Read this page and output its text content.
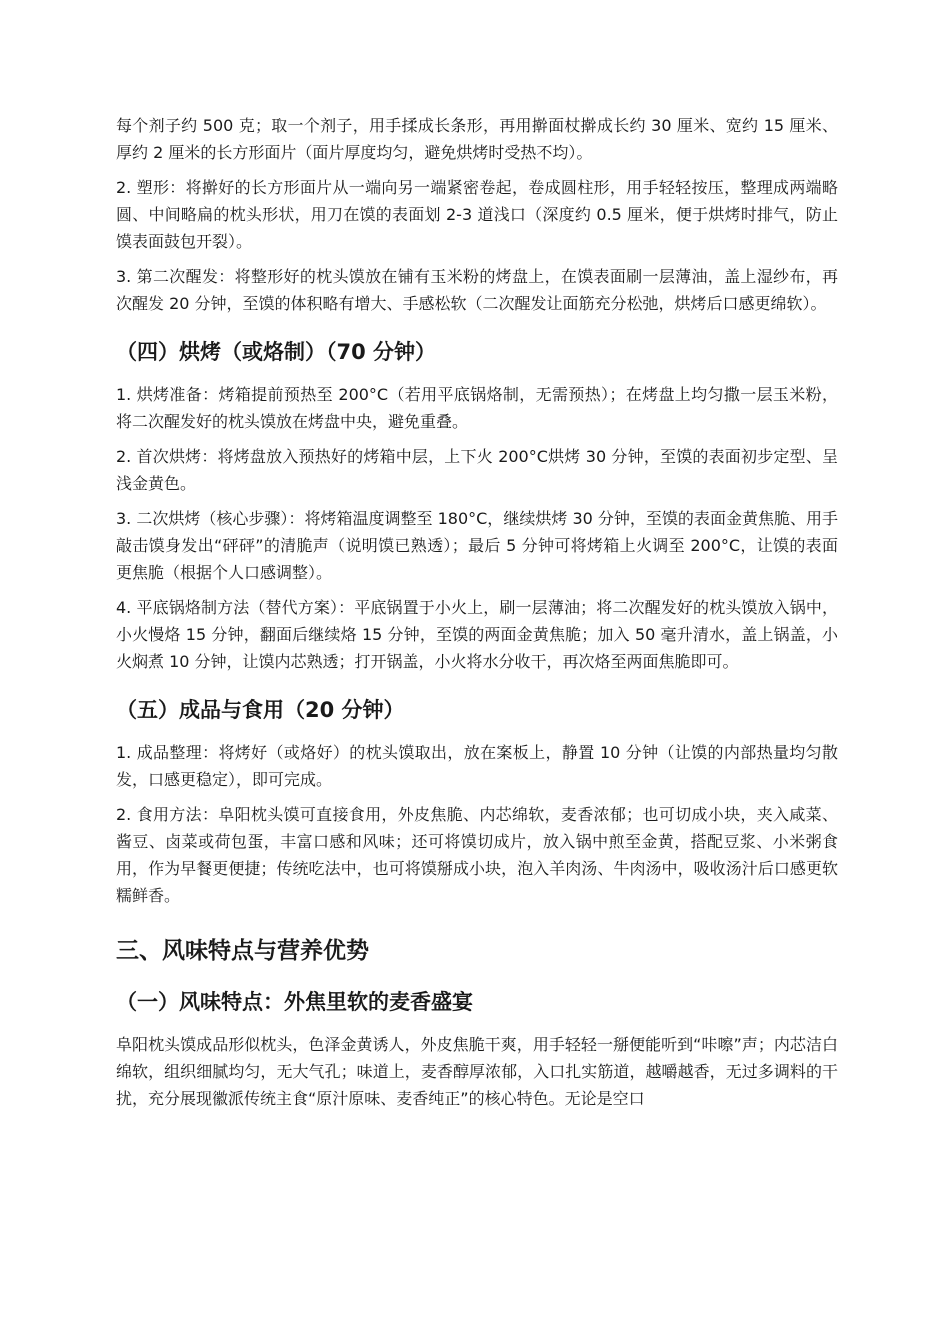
每个剂子约 500 克；取一个剂子，用手揉成长条形，再用擀面杖擀成长约 30 厘米、宽约 15 厘米、厚约 2 厘米的长方形面片（面片厚度均匀，避免烘烤时受热不均）。

2. 塑形：将擀好的长方形面片从一端向另一端紧密卷起，卷成圆柱形，用手轻轻按压，整理成两端略圆、中间略扁的枕头形状，用刀在馍的表面划 2-3 道浅口（深度约 0.5 厘米，便于烘烤时排气，防止馍表面鼓包开裂）。

3. 第二次醒发：将整形好的枕头馍放在铺有玉米粉的烤盘上，在馍表面刷一层薄油，盖上湿纱布，再次醒发 20 分钟，至馍的体积略有增大、手感松软（二次醒发让面筋充分松弛，烘烤后口感更绵软）。

（四）烘烤（或烙制）（70 分钟）

1. 烘烤准备：烤箱提前预热至 200°C（若用平底锅烙制，无需预热）；在烤盘上均匀撒一层玉米粉，将二次醒发好的枕头馍放在烤盘中央，避免重叠。

2. 首次烘烤：将烤盘放入预热好的烤箱中层，上下火 200°C烘烤 30 分钟，至馍的表面初步定型、呈浅金黄色。

3. 二次烘烤（核心步骤）：将烤箱温度调整至 180°C，继续烘烤 30 分钟，至馍的表面金黄焦脆、用手敲击馍身发出“砰砰”的清脆声（说明馍已熟透）；最后 5 分钟可将烤箱上火调至 200°C，让馍的表面更焦脆（根据个人口感调整）。

4. 平底锅烙制方法（替代方案）：平底锅置于小火上，刷一层薄油；将二次醒发好的枕头馍放入锅中，小火慢烙 15 分钟，翻面后继续烙 15 分钟，至馍的两面金黄焦脆；加入 50 毫升清水，盖上锅盖，小火焖煮 10 分钟，让馍内芯熟透；打开锅盖，小火将水分收干，再次烙至两面焦脆即可。

（五）成品与食用（20 分钟）

1. 成品整理：将烤好（或烙好）的枕头馍取出，放在案板上，静置 10 分钟（让馍的内部热量均匀散发，口感更稳定），即可完成。

2. 食用方法：阜阳枕头馍可直接食用，外皮焦脆、内芯绵软，麦香浓郁；也可切成小块，夹入咸菜、酱豆、卤菜或荷包蛋，丰富口感和风味；还可将馍切成片，放入锅中煎至金黄，搭配豆浆、小米粥食用，作为早餐更便捷；传统吃法中，也可将馍掰成小块，泡入羊肉汤、牛肉汤中，吸收汤汁后口感更软糯鲜香。

三、风味特点与营养优势
（一）风味特点：外焦里软的麦香盛宴

阜阳枕头馍成品形似枕头，色泽金黄诱人，外皮焦脆干爽，用手轻轻一掰便能听到“咔嚓”声；内芯洁白绵软，组织细腻均匀，无大气孔；味道上，麦香醇厚浓郁，入口扎实筋道，越嚼越香，无过多调料的干扰，充分展现徽派传统主食“原汁原味、麦香纯正”的核心特色。无论是空口
